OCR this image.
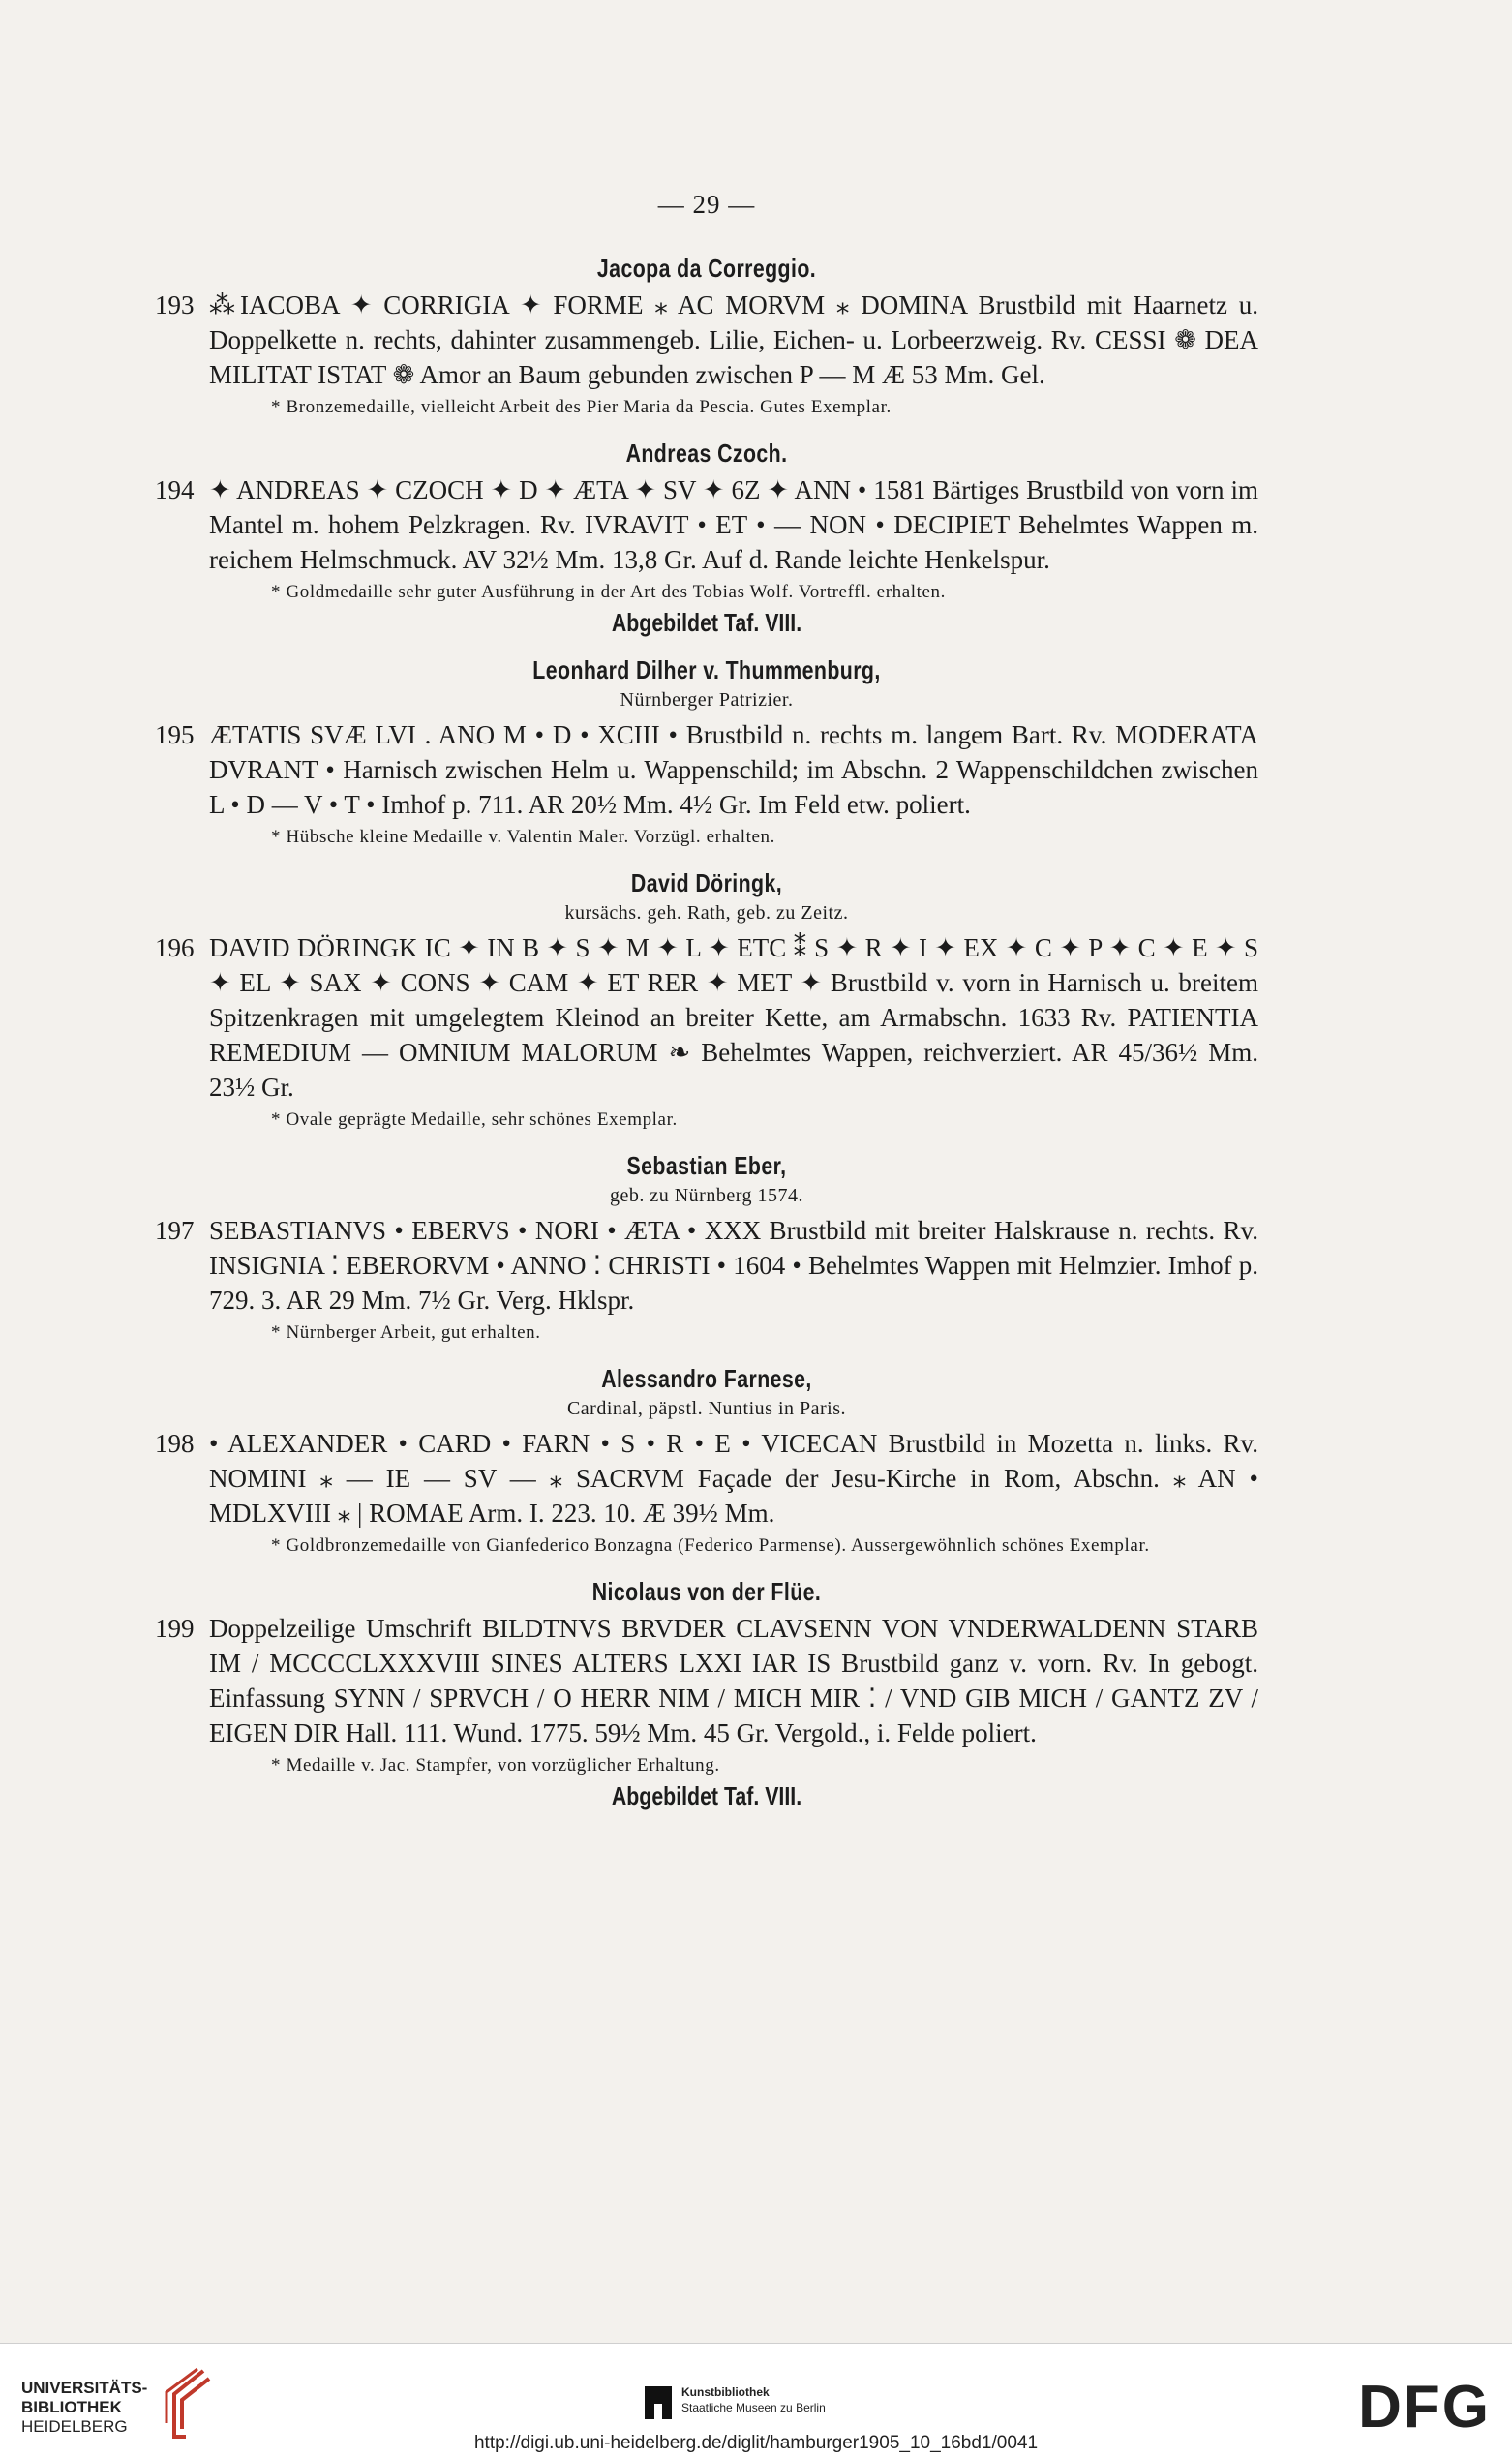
— 29 —
Jacopa da Correggio.
193 ⁂IACOBA ✦ CORRIGIA ✦ FORME ⁎ AC MORVM ⁎ DOMINA Brustbild mit Haarnetz u. Doppelkette n. rechts, dahinter zusammengeb. Lilie, Eichen- u. Lorbeerzweig. Rv. CESSI ❁ DEA MILITAT ISTAT ❁ Amor an Baum gebunden zwischen P — M Æ 53 Mm. Gel.
* Bronzemedaille, vielleicht Arbeit des Pier Maria da Pescia. Gutes Exemplar.
Andreas Czoch.
194 ✦ ANDREAS ✦ CZOCH ✦ D ✦ ÆTA ✦ SV ✦ 6Z ✦ ANN • 1581 Bärtiges Brustbild von vorn im Mantel m. hohem Pelzkragen. Rv. IVRAVIT • ET • — NON • DECIPIET Behelmtes Wappen m. reichem Helmschmuck. AV 32½ Mm. 13,8 Gr. Auf d. Rande leichte Henkelspur.
* Goldmedaille sehr guter Ausführung in der Art des Tobias Wolf. Vortreffl. erhalten.
Abgebildet Taf. VIII.
Leonhard Dilher v. Thummenburg,
Nürnberger Patrizier.
195 ÆTATIS SVÆ LVI . ANO M • D • XCIII • Brustbild n. rechts m. langem Bart. Rv. MODERATA DVRANT • Harnisch zwischen Helm u. Wappenschild; im Abschn. 2 Wappenschildchen zwischen L • D — V • T • Imhof p. 711. AR 20½ Mm. 4½ Gr. Im Feld etw. poliert.
* Hübsche kleine Medaille v. Valentin Maler. Vorzügl. erhalten.
David Döringk,
kursächs. geh. Rath, geb. zu Zeitz.
196 DAVID DÖRINGK IC ✦ IN B ✦ S ✦ M ✦ L ✦ ETC ⁑ S ✦ R ✦ I ✦ EX ✦ C ✦ P ✦ C ✦ E ✦ S ✦ EL ✦ SAX ✦ CONS ✦ CAM ✦ ET RER ✦ MET ✦ Brustbild v. vorn in Harnisch u. breitem Spitzenkragen mit umgelegtem Kleinod an breiter Kette, am Armabschn. 1633 Rv. PATIENTIA REMEDIUM — OMNIUM MALORUM ❧ Behelmtes Wappen, reichverziert. AR 45/36½ Mm. 23½ Gr.
* Ovale geprägte Medaille, sehr schönes Exemplar.
Sebastian Eber,
geb. zu Nürnberg 1574.
197 SEBASTIANVS • EBERVS • NORI • ÆTA • XXX Brustbild mit breiter Halskrause n. rechts. Rv. INSIGNIA ⁚ EBERORVM • ANNO ⁚ CHRISTI • 1604 • Behelmtes Wappen mit Helmzier. Imhof p. 729. 3. AR 29 Mm. 7½ Gr. Verg. Hklspr.
* Nürnberger Arbeit, gut erhalten.
Alessandro Farnese,
Cardinal, päpstl. Nuntius in Paris.
198 • ALEXANDER • CARD • FARN • S • R • E • VICECAN Brustbild in Mozetta n. links. Rv. NOMINI ⁎ — IE — SV — ⁎ SACRVM Façade der Jesu-Kirche in Rom, Abschn. ⁎ AN • MDLXVIII ⁎ | ROMAE Arm. I. 223. 10. Æ 39½ Mm.
* Goldbronzemedaille von Gianfederico Bonzagna (Federico Parmense). Aussergewöhnlich schönes Exemplar.
Nicolaus von der Flüe.
199 Doppelzeilige Umschrift BILDTNVS BRVDER CLAVSENN VON VNDERWALDENN STARB IM / MCCCCLXXXVIII SINES ALTERS LXXI IAR IS Brustbild ganz v. vorn. Rv. In gebogt. Einfassung SYNN / SPRVCH / O HERR NIM / MICH MIR ⁚ / VND GIB MICH / GANTZ ZV / EIGEN DIR Hall. 111. Wund. 1775. 59½ Mm. 45 Gr. Vergold., i. Felde poliert.
* Medaille v. Jac. Stampfer, von vorzüglicher Erhaltung.
Abgebildet Taf. VIII.
UNIVERSITÄTS-
BIBLIOTHEK
HEIDELBERG
Kunstbibliothek
Staatliche Museen zu Berlin	DFG
http://digi.ub.uni-heidelberg.de/diglit/hamburger1905_10_16bd1/0041
